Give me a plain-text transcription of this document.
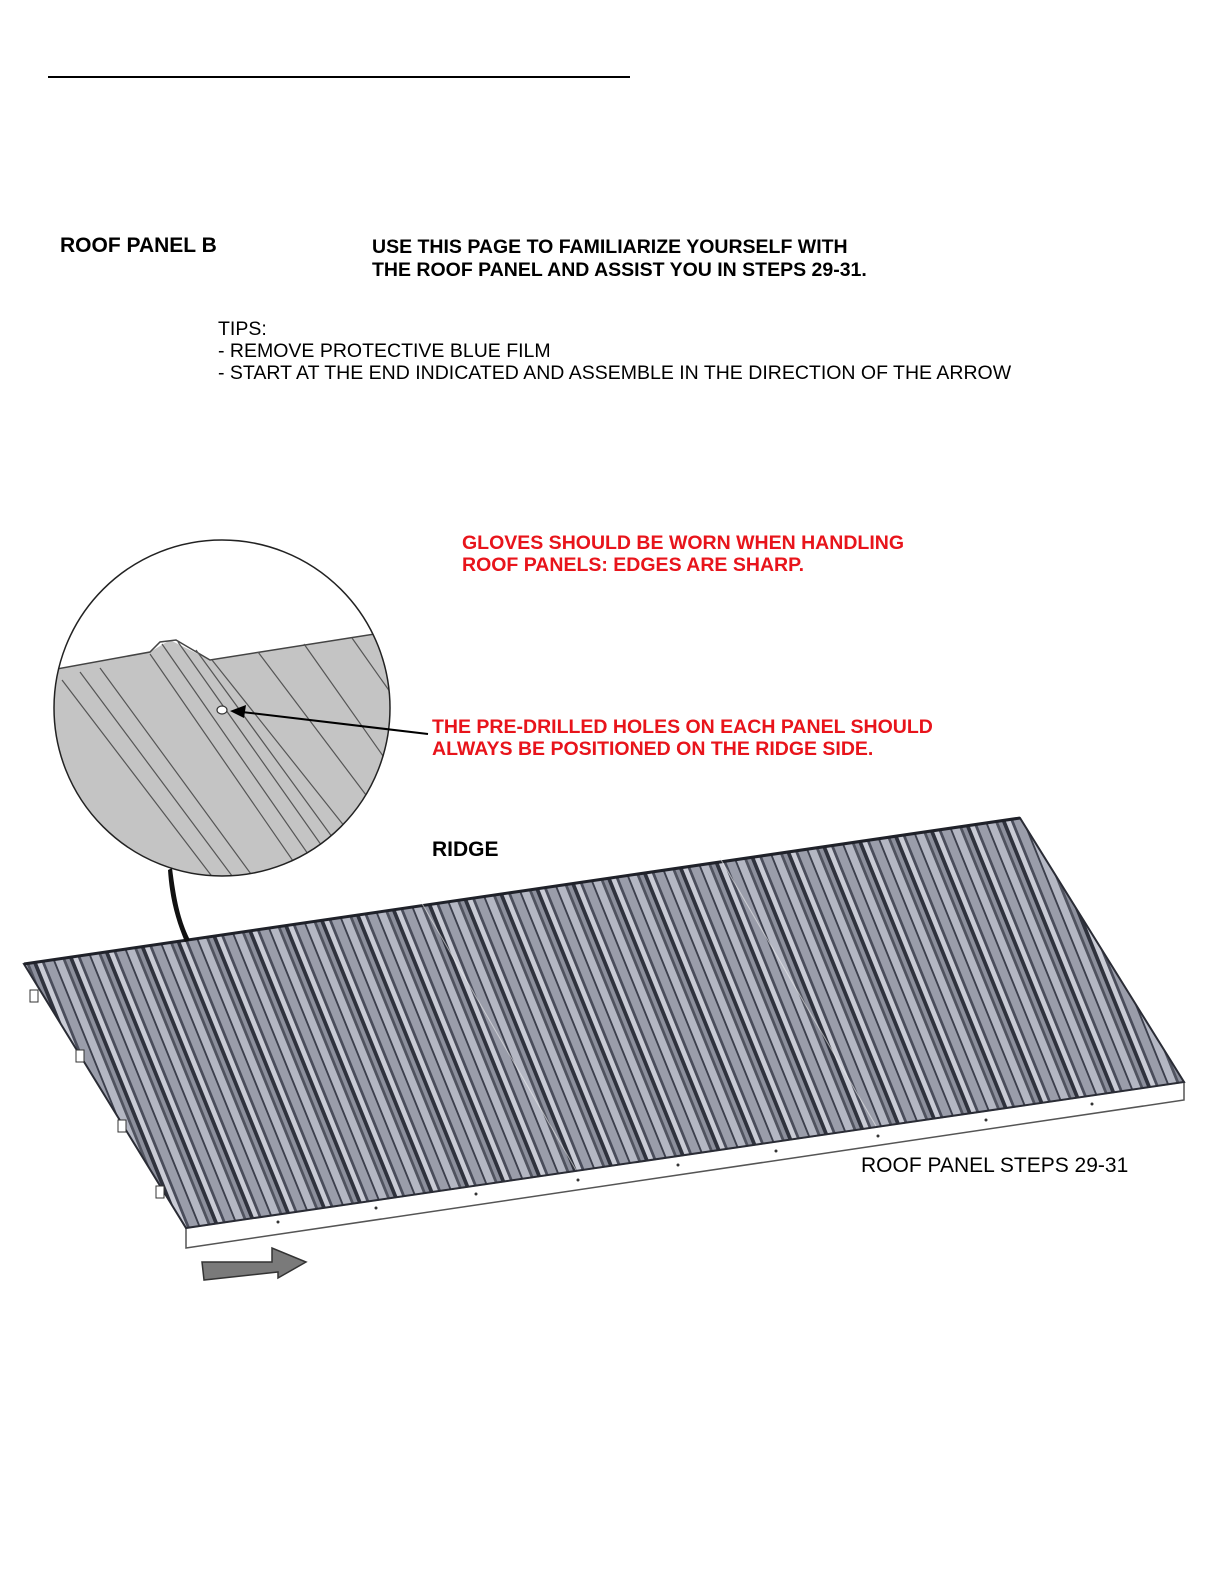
ROOF PANEL B	USE THIS PAGE TO FAMILIARIZE YOURSELF WITH
THE ROOF PANEL AND ASSIST YOU IN STEPS 29-31.
TIPS:
- REMOVE PROTECTIVE BLUE FILM
- START AT THE END INDICATED AND ASSEMBLE IN THE DIRECTION OF THE ARROW
GLOVES SHOULD BE WORN WHEN HANDLING
ROOF PANELS: EDGES ARE SHARP.
THE PRE-DRILLED HOLES ON EACH PANEL SHOULD
ALWAYS BE POSITIONED ON THE RIDGE SIDE.
RIDGE
ROOF PANEL STEPS 29-31
